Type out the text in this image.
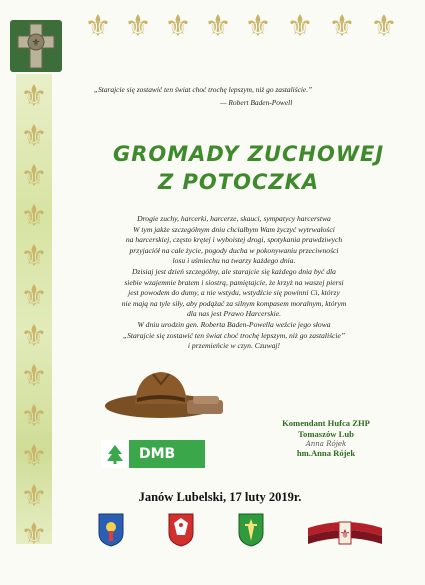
⚜
⚜
⚜
⚜
⚜
⚜
⚜
⚜
⚜
⚜
⚜
⚜
⚜ ⚜ ⚜ ⚜ ⚜ ⚜ ⚜ ⚜
⚜
„Starajcie się zostawić ten świat choć trochę lepszym, niż go zastaliście.”
— Robert Baden-Powell
GROMADY ZUCHOWEJ
Z POTOCZKA

Drogie zuchy, harcerki, harcerze, skauci, sympatycy harcerstwa
W tym jakże szczególnym dniu chciałbym Wam życzyć wytrwałości
na harcerskiej, często krętej i wyboistej drogi, spotykania prawdziwych
przyjaciół na całe życie, pogody ducha w pokonywaniu przeciwności
losu i uśmiechu na twarzy każdego dnia.

Dzisiaj jest dzień szczególny, ale starajcie się każdego dnia być dla
siebie wzajemnie bratem i siostrą, pamiętajcie, że krzyż na waszej piersi
jest powodem do dumy, a nie wstydu, wstydźcie się powinni Ci, którzy
nie mają na tyle siły, aby podążać za silnym kompasem moralnym, którym
dla nas jest Prawo Harcerskie.

W dniu urodzin gen. Roberta Baden-Powella weźcie jego słowa
„Starajcie się zostawić ten świat choć trochę lepszym, niż go zastaliście”
i przemieńcie w czyn. Czuwaj!

DMB
Komendant Hufca ZHP
Tomaszów Lub
Anna Rójek
hm.Anna Rójek
Janów Lubelski, 17 luty 2019r.
⚜
